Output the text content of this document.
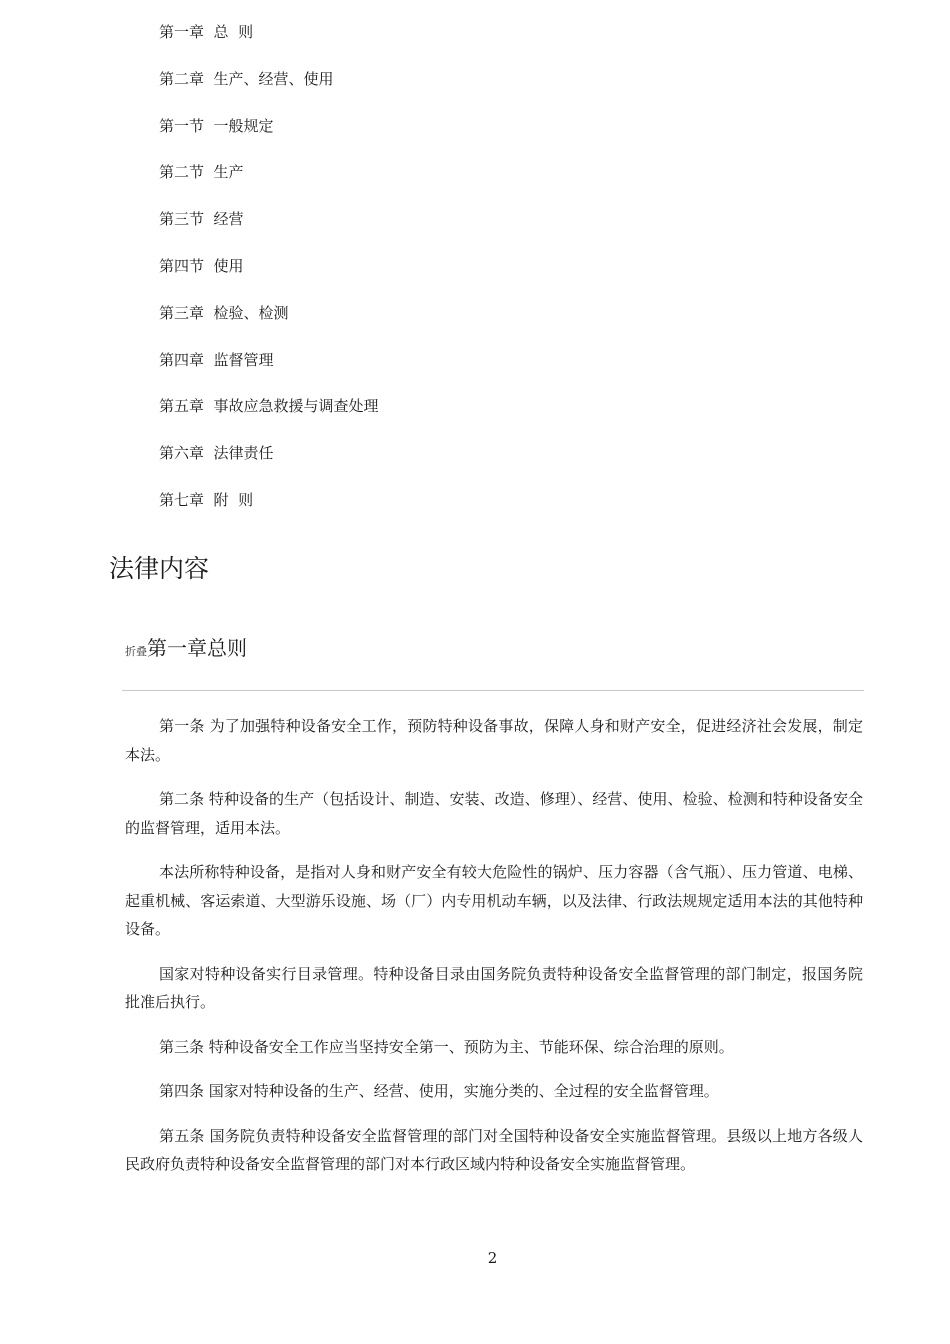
第一章  总  则
第二章  生产、经营、使用
第一节  一般规定
第二节  生产
第三节  经营
第四节  使用
第三章  检验、检测
第四章  监督管理
第五章  事故应急救援与调查处理
第六章  法律责任
第七章  附  则
法律内容
折叠第一章总则

第一条 为了加强特种设备安全工作，预防特种设备事故，保障人身和财产安全，促进经济社会发展，制定本法。

第二条 特种设备的生产（包括设计、制造、安装、改造、修理）、经营、使用、检验、检测和特种设备安全的监督管理，适用本法。

本法所称特种设备，是指对人身和财产安全有较大危险性的锅炉、压力容器（含气瓶）、压力管道、电梯、起重机械、客运索道、大型游乐设施、场（厂）内专用机动车辆，以及法律、行政法规规定适用本法的其他特种设备。

国家对特种设备实行目录管理。特种设备目录由国务院负责特种设备安全监督管理的部门制定，报国务院批准后执行。

第三条 特种设备安全工作应当坚持安全第一、预防为主、节能环保、综合治理的原则。

第四条 国家对特种设备的生产、经营、使用，实施分类的、全过程的安全监督管理。

第五条 国务院负责特种设备安全监督管理的部门对全国特种设备安全实施监督管理。县级以上地方各级人民政府负责特种设备安全监督管理的部门对本行政区域内特种设备安全实施监督管理。

2
